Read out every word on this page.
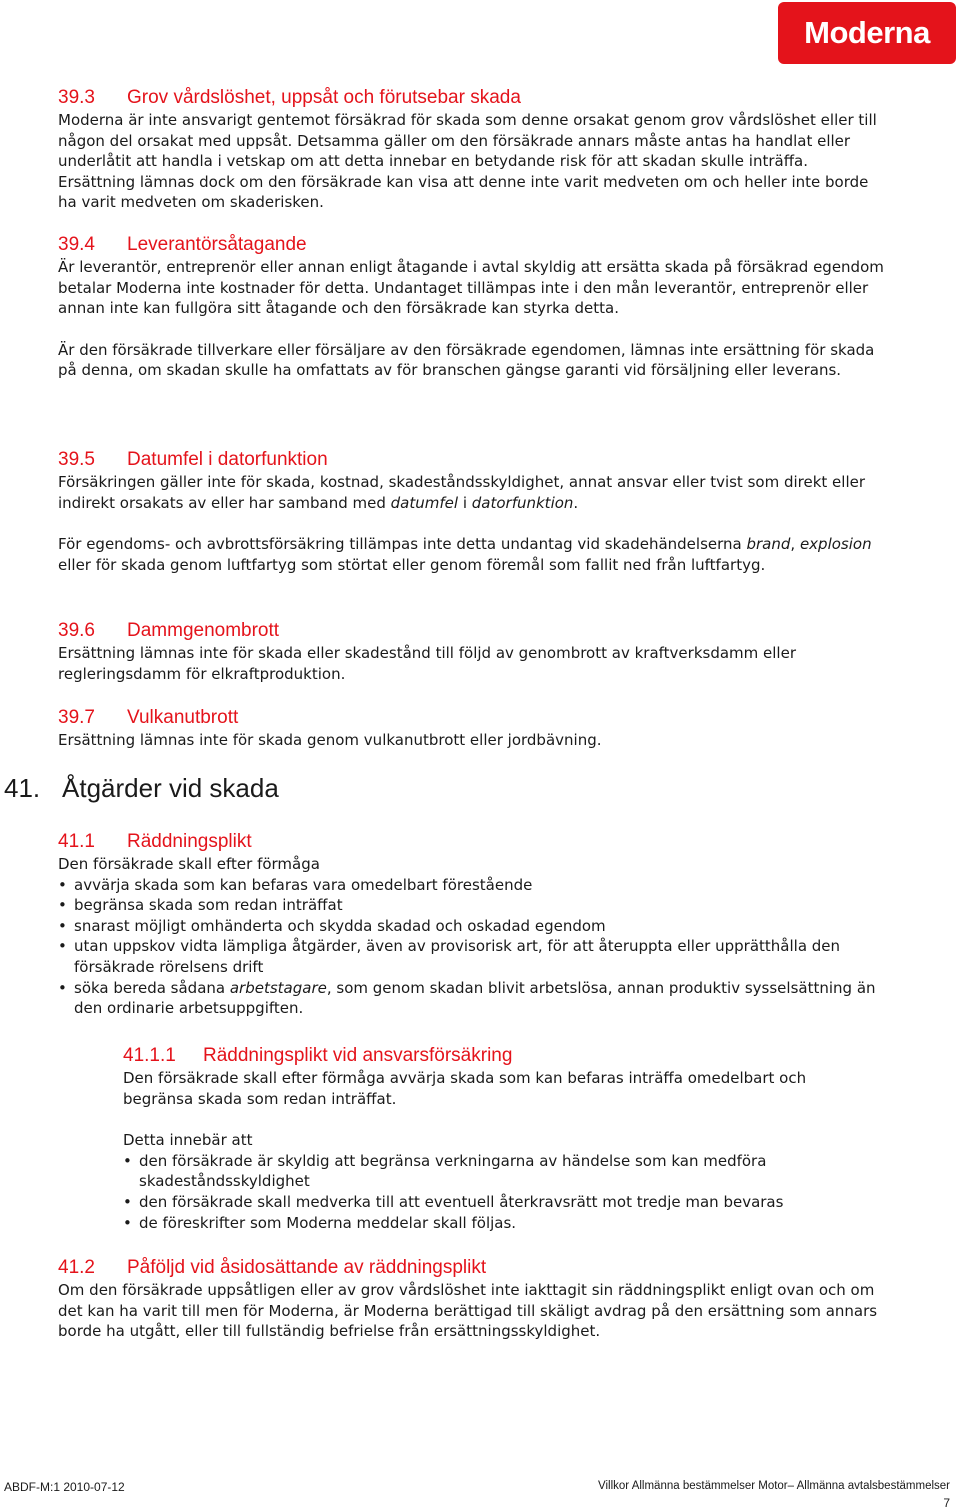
Moderna
39.3 Grov vårdslöshet, uppsåt och förutsebar skada

Moderna är inte ansvarigt gentemot försäkrad för skada som denne orsakat genom grov vårdslöshet eller till någon del orsakat med uppsåt. Detsamma gäller om den försäkrade annars måste antas ha handlat eller underlåtit att handla i vetskap om att detta innebar en betydande risk för att skadan skulle inträffa. Ersättning lämnas dock om den försäkrade kan visa att denne inte varit medveten om och heller inte borde ha varit medveten om skaderisken.

39.4 Leverantörsåtagande

Är leverantör, entreprenör eller annan enligt åtagande i avtal skyldig att ersätta skada på försäkrad egendom betalar Moderna inte kostnader för detta. Undantaget tillämpas inte i den mån leverantör, entreprenör eller annan inte kan fullgöra sitt åtagande och den försäkrade kan styrka detta.

Är den försäkrade tillverkare eller försäljare av den försäkrade egendomen, lämnas inte ersättning för skada på denna, om skadan skulle ha omfattats av för branschen gängse garanti vid försäljning eller leverans.

39.5 Datumfel i datorfunktion

Försäkringen gäller inte för skada, kostnad, skadeståndsskyldighet, annat ansvar eller tvist som direkt eller indirekt orsakats av eller har samband med datumfel i datorfunktion.

För egendoms- och avbrottsförsäkring tillämpas inte detta undantag vid skadehändelserna brand, explosion eller för skada genom luftfartyg som störtat eller genom föremål som fallit ned från luftfartyg.

39.6 Dammgenombrott

Ersättning lämnas inte för skada eller skadestånd till följd av genombrott av kraftverksdamm eller regleringsdamm för elkraftproduktion.

39.7 Vulkanutbrott

Ersättning lämnas inte för skada genom vulkanutbrott eller jordbävning.

41. Åtgärder vid skada
41.1 Räddningsplikt

Den försäkrade skall efter förmåga

• avvärja skada som kan befaras vara omedelbart förestående
• begränsa skada som redan inträffat
• snarast möjligt omhänderta och skydda skadad och oskadad egendom
• utan uppskov vidta lämpliga åtgärder, även av provisorisk art, för att återuppta eller upprätthålla den försäkrade rörelsens drift
• söka bereda sådana arbetstagare, som genom skadan blivit arbetslösa, annan produktiv sysselsättning än den ordinarie arbetsuppgiften.
41.1.1 Räddningsplikt vid ansvarsförsäkring

Den försäkrade skall efter förmåga avvärja skada som kan befaras inträffa omedelbart och begränsa skada som redan inträffat.

Detta innebär att

• den försäkrade är skyldig att begränsa verkningarna av händelse som kan medföra skadeståndsskyldighet
• den försäkrade skall medverka till att eventuell återkravsrätt mot tredje man bevaras
• de föreskrifter som Moderna meddelar skall följas.
41.2 Påföljd vid åsidosättande av räddningsplikt

Om den försäkrade uppsåtligen eller av grov vårdslöshet inte iakttagit sin räddningsplikt enligt ovan och om det kan ha varit till men för Moderna, är Moderna berättigad till skäligt avdrag på den ersättning som annars borde ha utgått, eller till fullständig befrielse från ersättningsskyldighet.

ABDF-M:1 2010-07-12	Villkor Allmänna bestämmelser Motor– Allmänna avtalsbestämmelser
7
